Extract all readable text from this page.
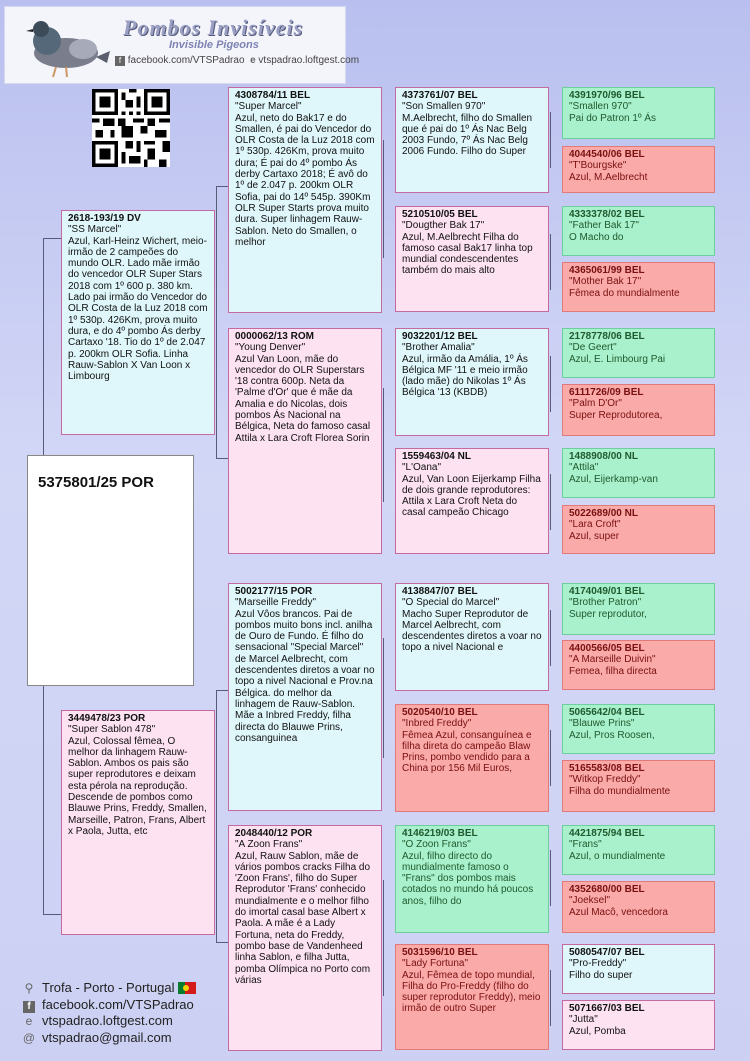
Pombos Invisíveis
Invisible Pigeons
f facebook.com/VTSPadrao e vtspadrao.loftgest.com
5375801/25 POR
2618-193/19 DV
"SS Marcel"
Azul, Karl-Heinz Wichert, meio-irmão de 2 campeões do mundo OLR. Lado mãe irmão do vencedor OLR Super Stars 2018 com 1º 600 p. 380 km. Lado pai irmão do Vencedor do OLR Costa de la Luz 2018 com 1º 530p. 426Km, prova muito dura, e do 4º pombo Ás derby Cartaxo '18. Tio do 1º de 2.047 p. 200km OLR Sofia. Linha Rauw-Sablon X Van Loon x Limbourg
3449478/23 POR
"Super Sablon 478"
Azul, Colossal fêmea, O melhor da linhagem Rauw-Sablon. Ambos os pais são super reprodutores e deixam esta pérola na reprodução. Descende de pombos como Blauwe Prins, Freddy, Smallen, Marseille, Patron, Frans, Albert x Paola, Jutta, etc
4308784/11 BEL
"Super Marcel"
Azul, neto do Bak17 e do Smallen, é pai do Vencedor do OLR Costa de la Luz 2018 com 1º 530p. 426Km, prova muito dura; É pai do 4º pombo Ás derby Cartaxo 2018; É avô do 1º de 2.047 p. 200km OLR Sofia, pai do 14º 545p. 390Km OLR Super Starts prova muito dura. Super linhagem Rauw-Sablon. Neto do Smallen, o melhor
0000062/13 ROM
"Young Denver"
Azul Van Loon, mãe do vencedor do OLR Superstars '18 contra 600p. Neta da 'Palme d'Or' que é mãe da Amalia e do Nicolas, dois pombos Ás Nacional na Bélgica, Neta do famoso casal Attila x Lara Croft Florea Sorin
5002177/15 POR
"Marseille Freddy"
Azul Vôos brancos. Pai de pombos muito bons incl. anilha de Ouro de Fundo. É filho do sensacional "Special Marcel" de Marcel Aelbrecht, com descendentes diretos a voar no topo a nivel Nacional e Prov.na Bélgica. do melhor da linhagem de Rauw-Sablon. Mãe a Inbred Freddy, filha directa do Blauwe Prins, consanguinea
2048440/12 POR
"A Zoon Frans"
Azul, Rauw Sablon, mãe de vários pombos cracks Filha do 'Zoon Frans', filho do Super Reprodutor 'Frans' conhecido mundialmente e o melhor filho do imortal casal base Albert x Paola. A mãe é a Lady Fortuna, neta do Freddy, pombo base de Vandenheed linha Sablon, e filha Jutta, pomba Olímpica no Porto com várias
4373761/07 BEL
"Son Smallen 970"
M.Aelbrecht, filho do Smallen que é pai do 1º Ás Nac Belg 2003 Fundo, 7º Ás Nac Belg 2006 Fundo. Filho do Super
5210510/05 BEL
"Dougther Bak 17"
Azul, M.Aelbrecht Filha do famoso casal Bak17 linha top mundial condescendentes também do mais alto
9032201/12 BEL
"Brother Amalia"
Azul, irmão da Amália, 1º Ás Bélgica MF '11 e meio irmão (lado mãe) do Nikolas 1º Ás Bélgica '13 (KBDB)
1559463/04 NL
"L'Oana"
Azul, Van Loon Eijerkamp Filha de dois grande reprodutores: Attila x Lara Croft Neta do casal campeão Chicago
4138847/07 BEL
"O Special do Marcel"
Macho Super Reprodutor de Marcel Aelbrecht, com descendentes diretos a voar no topo a nivel Nacional e
5020540/10 BEL
"Inbred Freddy"
Fêmea Azul, consanguínea e filha direta do campeão Blaw Prins, pombo vendido para a China por 156 Mil Euros,
4146219/03 BEL
"O Zoon Frans"
Azul, filho directo do mundialmente famoso o "Frans" dos pombos mais cotados no mundo há poucos anos, filho do
5031596/10 BEL
"Lady Fortuna"
Azul, Fêmea de topo mundial, Filha do Pro-Freddy (filho do super reprodutor Freddy), meio irmão de outro Super
4391970/96 BEL
"Smallen 970"
Pai do Patron 1º Ás
4044540/06 BEL
"T'Bourgske"
Azul, M.Aelbrecht
4333378/02 BEL
"Father Bak 17"
O Macho do
4365061/99 BEL
"Mother Bak 17"
Fêmea do mundialmente
2178778/06 BEL
"De Geert"
Azul, E. Limbourg Pai
6111726/09 BEL
"Palm D'Or"
Super Reprodutorea,
1488908/00 NL
"Attila"
Azul, Eijerkamp-van
5022689/00 NL
"Lara Croft"
Azul, super
4174049/01 BEL
"Brother Patron"
Super reprodutor,
4400566/05 BEL
"A Marseille Duivin"
Femea, filha directa
5065642/04 BEL
"Blauwe Prins"
Azul, Pros Roosen,
5165583/08 BEL
"Witkop Freddy"
Filha do mundialmente
4421875/94 BEL
"Frans"
Azul, o mundialmente
4352680/00 BEL
"Joeksel"
Azul Macô, vencedora
5080547/07 BEL
"Pro-Freddy"
Filho do super
5071667/03 BEL
"Jutta"
Azul, Pomba
⚲ Trofa - Porto - Portugal
f facebook.com/VTSPadrao
e vtspadrao.loftgest.com
@ vtspadrao@gmail.com
